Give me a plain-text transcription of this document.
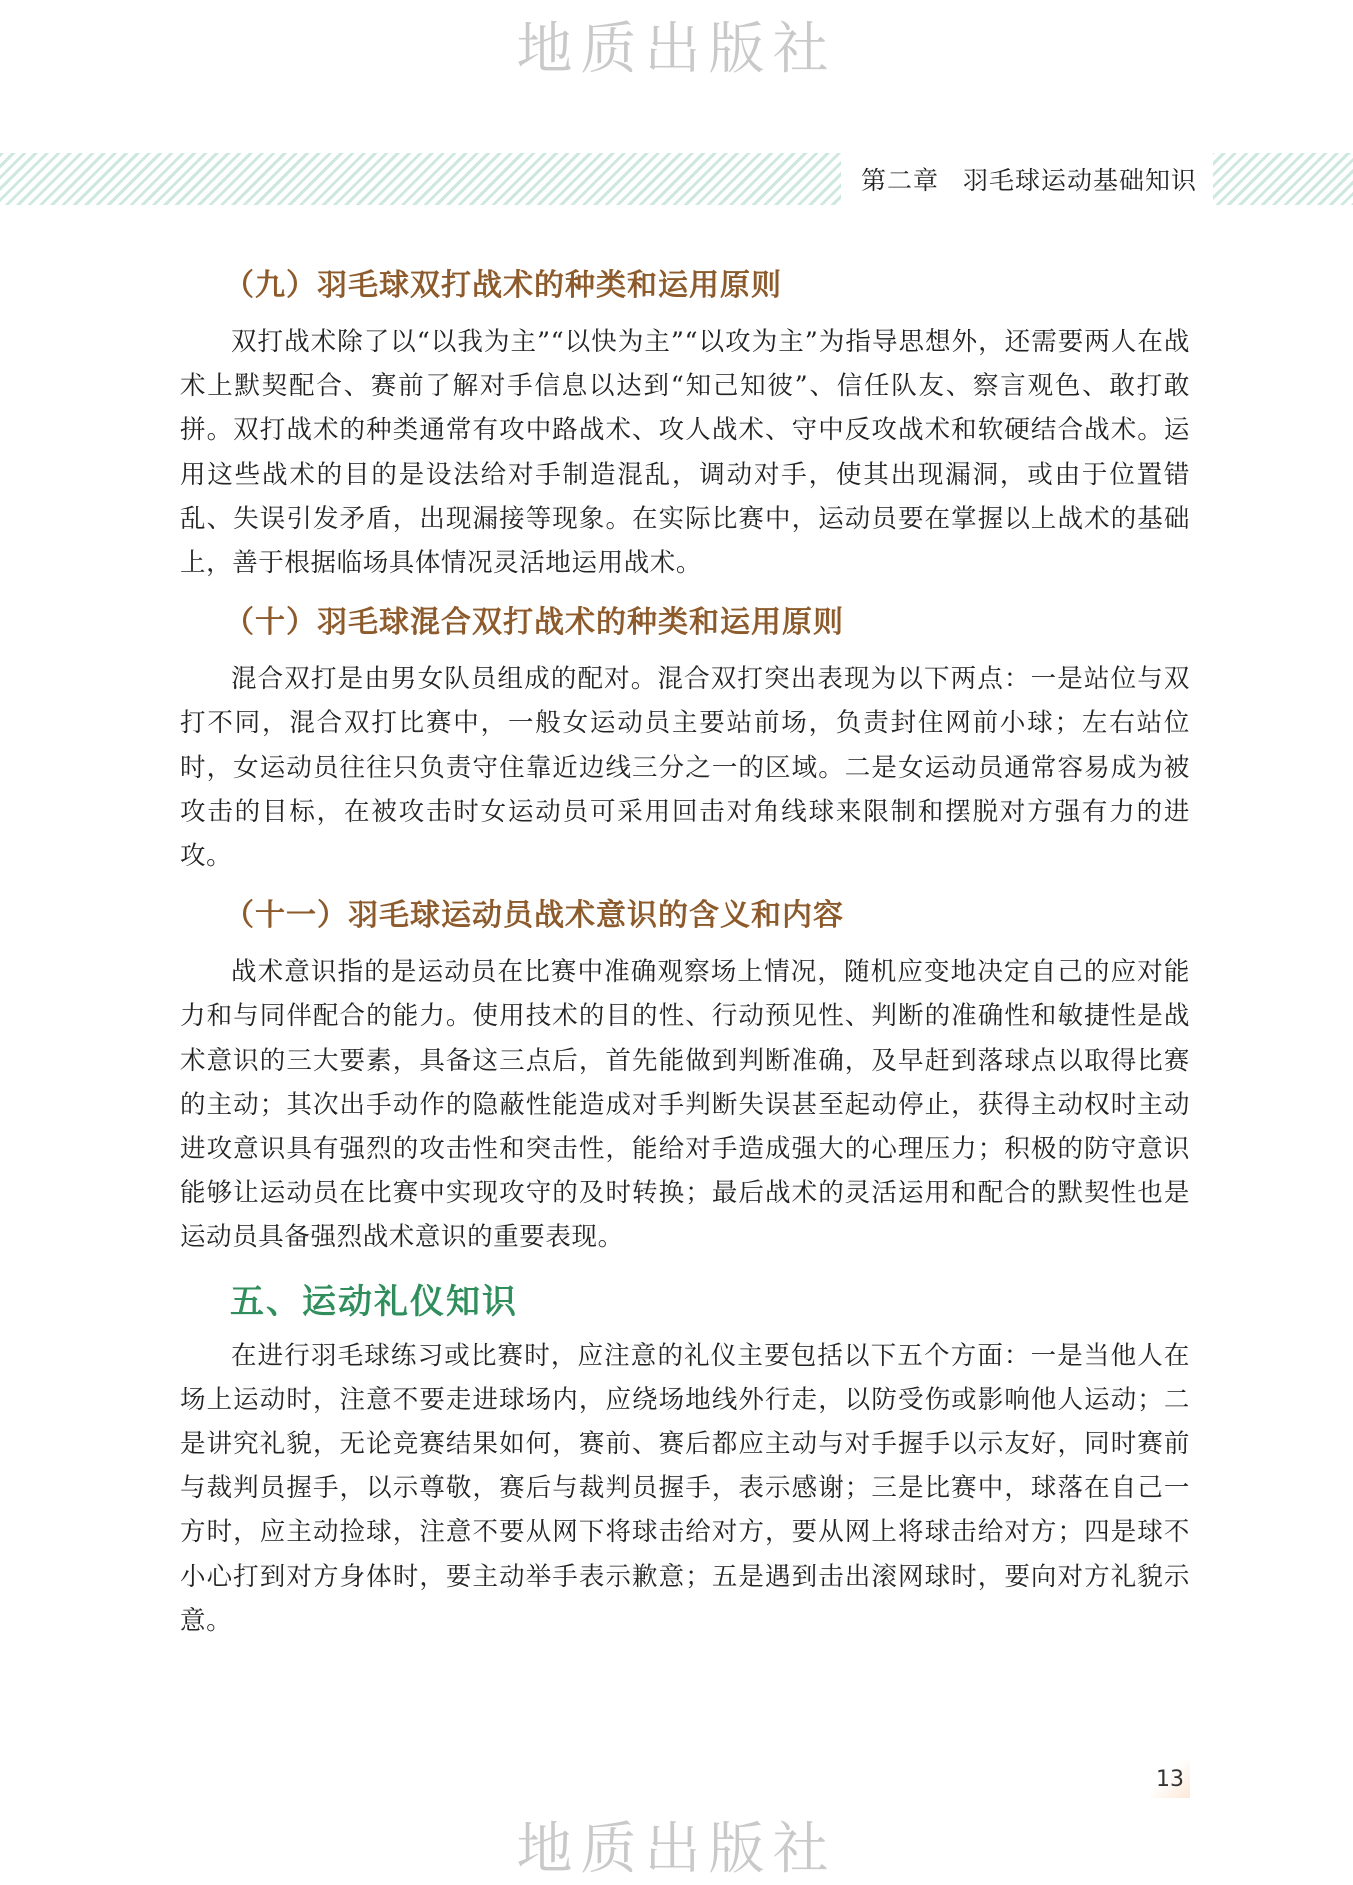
地质出版社
第二章 羽毛球运动基础知识
（九）羽毛球双打战术的种类和运用原则

双打战术除了以“以我为主”“以快为主”“以攻为主”为指导思想外，还需要两人在战术上默契配合、赛前了解对手信息以达到“知己知彼”、信任队友、察言观色、敢打敢拼。双打战术的种类通常有攻中路战术、攻人战术、守中反攻战术和软硬结合战术。运用这些战术的目的是设法给对手制造混乱，调动对手，使其出现漏洞，或由于位置错乱、失误引发矛盾，出现漏接等现象。在实际比赛中，运动员要在掌握以上战术的基础上，善于根据临场具体情况灵活地运用战术。

（十）羽毛球混合双打战术的种类和运用原则

混合双打是由男女队员组成的配对。混合双打突出表现为以下两点：一是站位与双打不同，混合双打比赛中，一般女运动员主要站前场，负责封住网前小球；左右站位时，女运动员往往只负责守住靠近边线三分之一的区域。二是女运动员通常容易成为被攻击的目标，在被攻击时女运动员可采用回击对角线球来限制和摆脱对方强有力的进攻。

（十一）羽毛球运动员战术意识的含义和内容

战术意识指的是运动员在比赛中准确观察场上情况，随机应变地决定自己的应对能力和与同伴配合的能力。使用技术的目的性、行动预见性、判断的准确性和敏捷性是战术意识的三大要素，具备这三点后，首先能做到判断准确，及早赶到落球点以取得比赛的主动；其次出手动作的隐蔽性能造成对手判断失误甚至起动停止，获得主动权时主动进攻意识具有强烈的攻击性和突击性，能给对手造成强大的心理压力；积极的防守意识能够让运动员在比赛中实现攻守的及时转换；最后战术的灵活运用和配合的默契性也是运动员具备强烈战术意识的重要表现。

五、运动礼仪知识

在进行羽毛球练习或比赛时，应注意的礼仪主要包括以下五个方面：一是当他人在场上运动时，注意不要走进球场内，应绕场地线外行走，以防受伤或影响他人运动；二是讲究礼貌，无论竞赛结果如何，赛前、赛后都应主动与对手握手以示友好，同时赛前与裁判员握手，以示尊敬，赛后与裁判员握手，表示感谢；三是比赛中，球落在自己一方时，应主动捡球，注意不要从网下将球击给对方，要从网上将球击给对方；四是球不小心打到对方身体时，要主动举手表示歉意；五是遇到击出滚网球时，要向对方礼貌示意。

13
地质出版社
